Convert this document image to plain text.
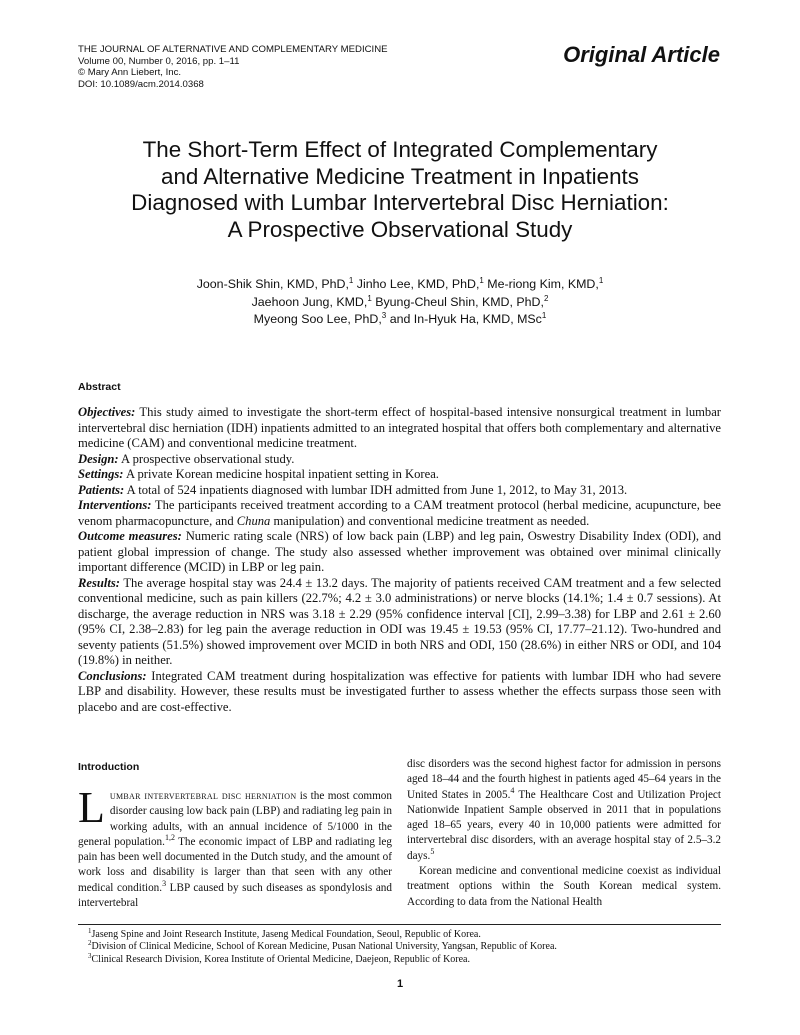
THE JOURNAL OF ALTERNATIVE AND COMPLEMENTARY MEDICINE
Volume 00, Number 0, 2016, pp. 1–11
© Mary Ann Liebert, Inc.
DOI: 10.1089/acm.2014.0368
Original Article
The Short-Term Effect of Integrated Complementary
and Alternative Medicine Treatment in Inpatients
Diagnosed with Lumbar Intervertebral Disc Herniation:
A Prospective Observational Study
Joon-Shik Shin, KMD, PhD,$^1$ Jinho Lee, KMD, PhD,$^1$ Me-riong Kim, KMD,$^1$
Jaehoon Jung, KMD,$^1$ Byung-Cheul Shin, KMD, PhD,$^2$
Myeong Soo Lee, PhD,$^3$ and In-Hyuk Ha, KMD, MSc$^1$
Abstract

Objectives: This study aimed to investigate the short-term effect of hospital-based intensive nonsurgical treatment in lumbar intervertebral disc herniation (IDH) inpatients admitted to an integrated hospital that offers both complementary and alternative medicine (CAM) and conventional medicine treatment.

Design: A prospective observational study.

Settings: A private Korean medicine hospital inpatient setting in Korea.

Patients: A total of 524 inpatients diagnosed with lumbar IDH admitted from June 1, 2012, to May 31, 2013.

Interventions: The participants received treatment according to a CAM treatment protocol (herbal medicine, acupuncture, bee venom pharmacopuncture, and Chuna manipulation) and conventional medicine treatment as needed.

Outcome measures: Numeric rating scale (NRS) of low back pain (LBP) and leg pain, Oswestry Disability Index (ODI), and patient global impression of change. The study also assessed whether improvement was obtained over minimal clinically important difference (MCID) in LBP or leg pain.

Results: The average hospital stay was 24.4 ± 13.2 days. The majority of patients received CAM treatment and a few selected conventional medicine, such as pain killers (22.7%; 4.2 ± 3.0 administrations) or nerve blocks (14.1%; 1.4 ± 0.7 sessions). At discharge, the average reduction in NRS was 3.18 ± 2.29 (95% confidence interval [CI], 2.99–3.38) for LBP and 2.61 ± 2.60 (95% CI, 2.38–2.83) for leg pain the average reduction in ODI was 19.45 ± 19.53 (95% CI, 17.77–21.12). Two-hundred and seventy patients (51.5%) showed improvement over MCID in both NRS and ODI, 150 (28.6%) in either NRS or ODI, and 104 (19.8%) in neither.

Conclusions: Integrated CAM treatment during hospitalization was effective for patients with lumbar IDH who had severe LBP and disability. However, these results must be investigated further to assess whether the effects surpass those seen with placebo and are cost-effective.

Introduction

Lumbar intervertebral disc herniation is the most common disorder causing low back pain (LBP) and radiating leg pain in working adults, with an annual incidence of 5/1000 in the general population.$^{1,2}$ The economic impact of LBP and radiating leg pain has been well documented in the Dutch study, and the amount of work loss and disability is larger than that seen with any other medical condition.$^3$ LBP caused by such diseases as spondylosis and intervertebral

disc disorders was the second highest factor for admission in persons aged 18–44 and the fourth highest in patients aged 45–64 years in the United States in 2005.$^4$ The Healthcare Cost and Utilization Project Nationwide Inpatient Sample observed in 2011 that in populations aged 18–65 years, every 40 in 10,000 patients were admitted for intervertebral disc disorders, with an average hospital stay of 2.5–3.2 days.$^5$

Korean medicine and conventional medicine coexist as individual treatment options within the South Korean medical system. According to data from the National Health

$^1$Jaseng Spine and Joint Research Institute, Jaseng Medical Foundation, Seoul, Republic of Korea.
$^2$Division of Clinical Medicine, School of Korean Medicine, Pusan National University, Yangsan, Republic of Korea.
$^3$Clinical Research Division, Korea Institute of Oriental Medicine, Daejeon, Republic of Korea.
1
